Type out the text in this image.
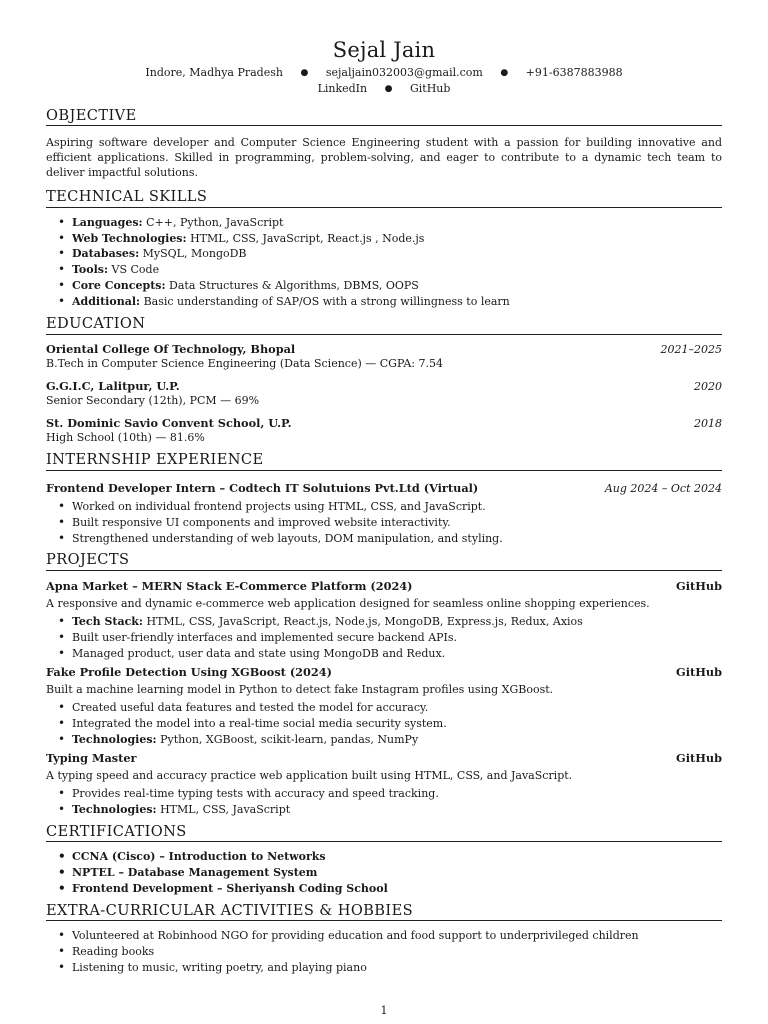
Sejal Jain
Indore, Madhya Pradesh ● sejaljain032003@gmail.com ● +91-6387883988
LinkedIn ● GitHub
OBJECTIVE
Aspiring software developer and Computer Science Engineering student with a passion for building innovative and efficient applications. Skilled in programming, problem-solving, and eager to contribute to a dynamic tech team to deliver impactful solutions.
TECHNICAL SKILLS
• Languages: C++, Python, JavaScript
• Web Technologies: HTML, CSS, JavaScript, React.js , Node.js
• Databases: MySQL, MongoDB
• Tools: VS Code
• Core Concepts: Data Structures & Algorithms, DBMS, OOPS
• Additional: Basic understanding of SAP/OS with a strong willingness to learn
EDUCATION
Oriental College Of Technology, Bhopal	2021–2025
B.Tech in Computer Science Engineering (Data Science) — CGPA: 7.54
G.G.I.C, Lalitpur, U.P.	2020
Senior Secondary (12th), PCM — 69%
St. Dominic Savio Convent School, U.P.	2018
High School (10th) — 81.6%
INTERNSHIP EXPERIENCE
Frontend Developer Intern – Codtech IT Solutuions Pvt.Ltd (Virtual)	Aug 2024 – Oct 2024
• Worked on individual frontend projects using HTML, CSS, and JavaScript.
• Built responsive UI components and improved website interactivity.
• Strengthened understanding of web layouts, DOM manipulation, and styling.
PROJECTS
Apna Market – MERN Stack E-Commerce Platform (2024)	GitHub
A responsive and dynamic e-commerce web application designed for seamless online shopping experiences.
• Tech Stack: HTML, CSS, JavaScript, React.js, Node.js, MongoDB, Express.js, Redux, Axios
• Built user-friendly interfaces and implemented secure backend APIs.
• Managed product, user data and state using MongoDB and Redux.
Fake Profile Detection Using XGBoost (2024)	GitHub
Built a machine learning model in Python to detect fake Instagram profiles using XGBoost.
• Created useful data features and tested the model for accuracy.
• Integrated the model into a real-time social media security system.
• Technologies: Python, XGBoost, scikit-learn, pandas, NumPy
Typing Master	GitHub
A typing speed and accuracy practice web application built using HTML, CSS, and JavaScript.
• Provides real-time typing tests with accuracy and speed tracking.
• Technologies: HTML, CSS, JavaScript
CERTIFICATIONS
• CCNA (Cisco) – Introduction to Networks
• NPTEL – Database Management System
• Frontend Development – Sheriyansh Coding School
EXTRA-CURRICULAR ACTIVITIES & HOBBIES
• Volunteered at Robinhood NGO for providing education and food support to underprivileged children
• Reading books
• Listening to music, writing poetry, and playing piano
1
